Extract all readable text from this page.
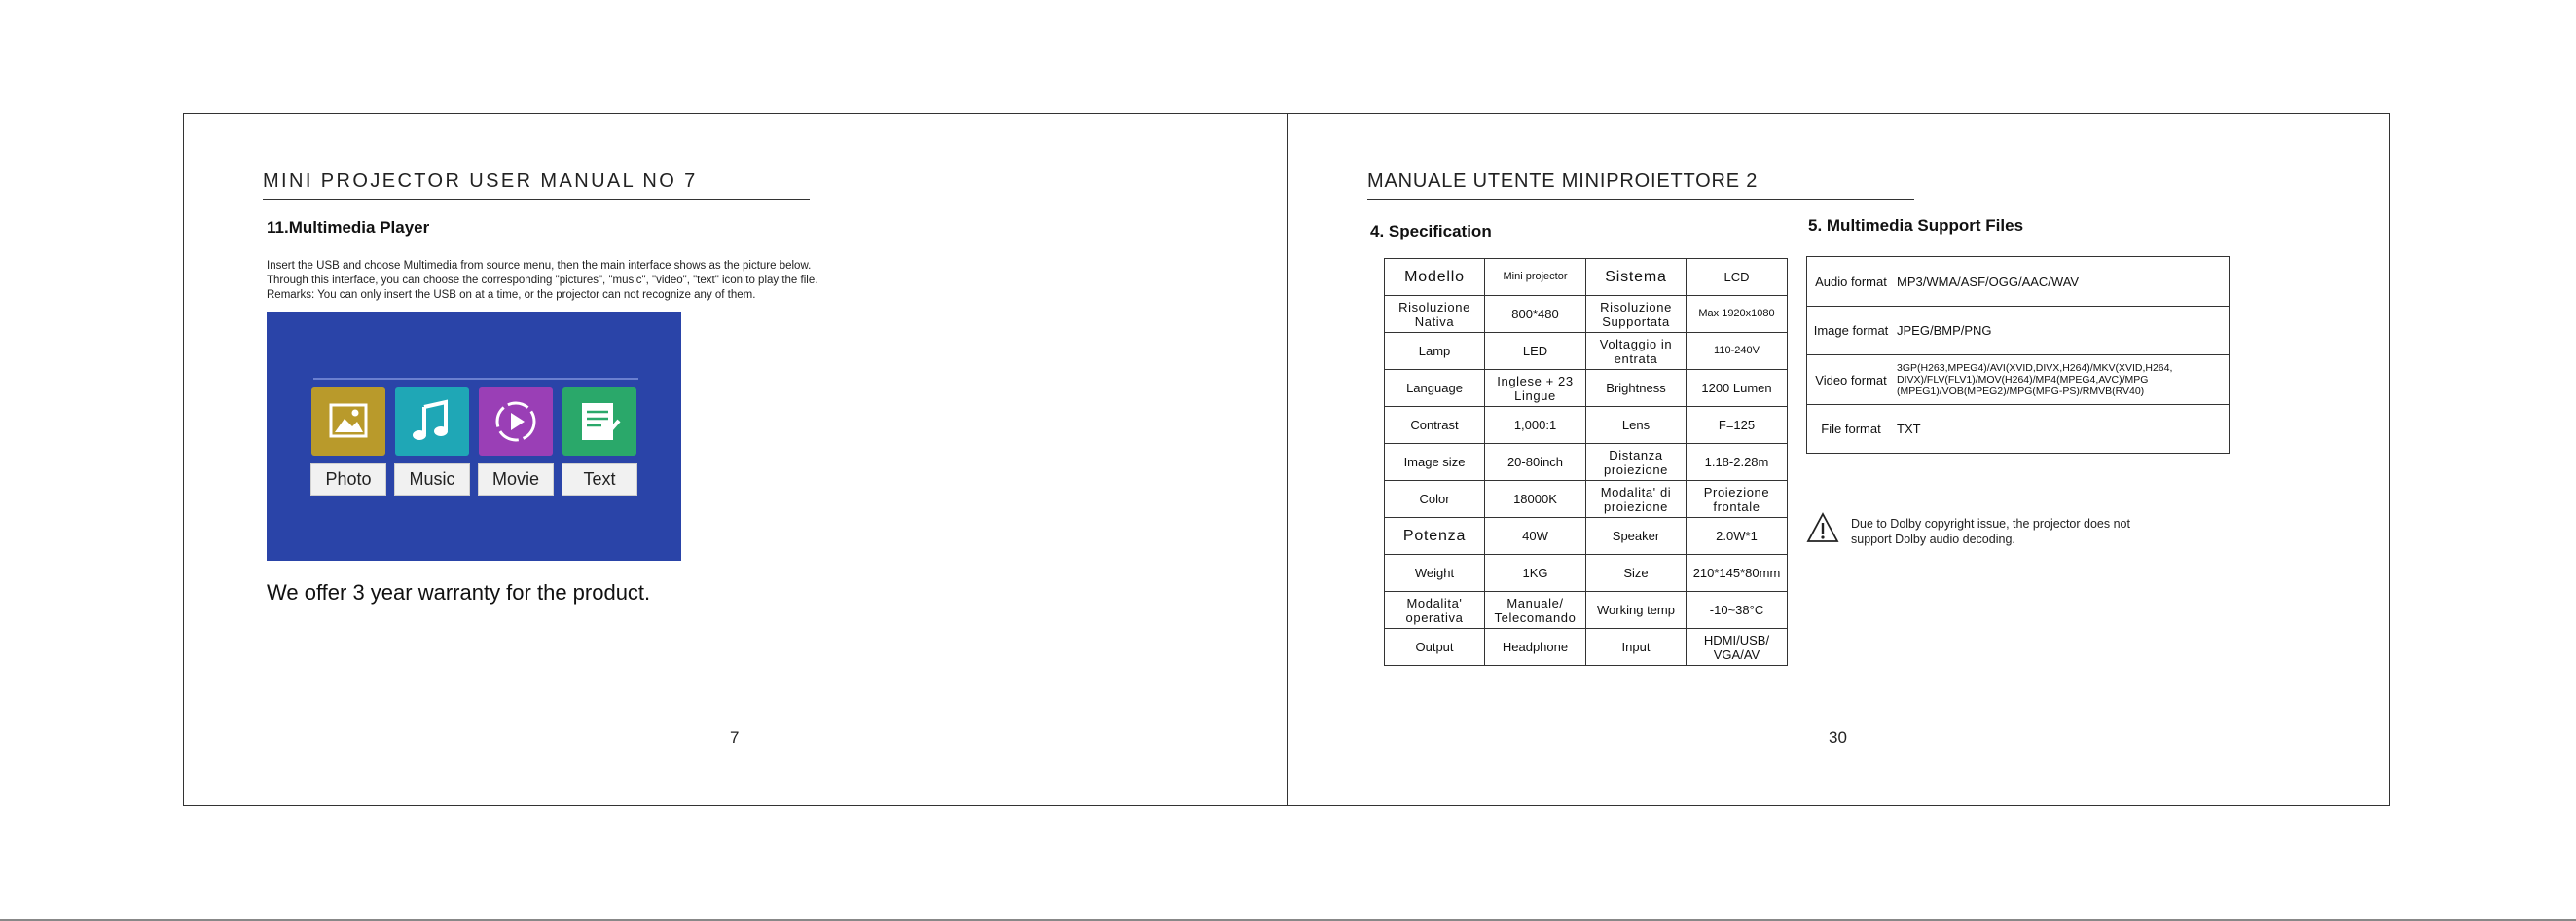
MINI PROJECTOR USER MANUAL NO 7
11.Multimedia Player
Insert the USB and choose Multimedia from source menu, then the main interface shows as the picture below.
Through this interface, you can choose the corresponding "pictures", "music", "video", "text" icon to play the file.
Remarks: You can only insert the USB on at a time, or the projector can not recognize any of them.
Photo	Music	Movie	Text
We offer 3 year warranty for the product.
7
MANUALE UTENTE MINIPROIETTORE 2
4. Specification
Modello	Mini projector	Sistema	LCD
Risoluzione Nativa	800*480	Risoluzione Supportata	Max 1920x1080
Lamp	LED	Voltaggio in entrata	110-240V
Language	Inglese + 23 Lingue	Brightness	1200 Lumen
Contrast	1,000:1	Lens	F=125
Image size	20-80inch	Distanza proiezione	1.18-2.28m
Color	18000K	Modalita' di proiezione	Proiezione frontale
Potenza	40W	Speaker	2.0W*1
Weight	1KG	Size	210*145*80mm
Modalita' operativa	Manuale/ Telecomando	Working temp	-10~38°C
Output	Headphone	Input	HDMI/USB/ VGA/AV
5. Multimedia Support Files
Audio format	MP3/WMA/ASF/OGG/AAC/WAV
Image format	JPEG/BMP/PNG
Video format	3GP(H263,MPEG4)/AVI(XVID,DIVX,H264)/MKV(XVID,H264, DIVX)/FLV(FLV1)/MOV(H264)/MP4(MPEG4,AVC)/MPG (MPEG1)/VOB(MPEG2)/MPG(MPG-PS)/RMVB(RV40)
File format	TXT
Due to Dolby copyright issue, the projector does not
support Dolby audio decoding.
30
